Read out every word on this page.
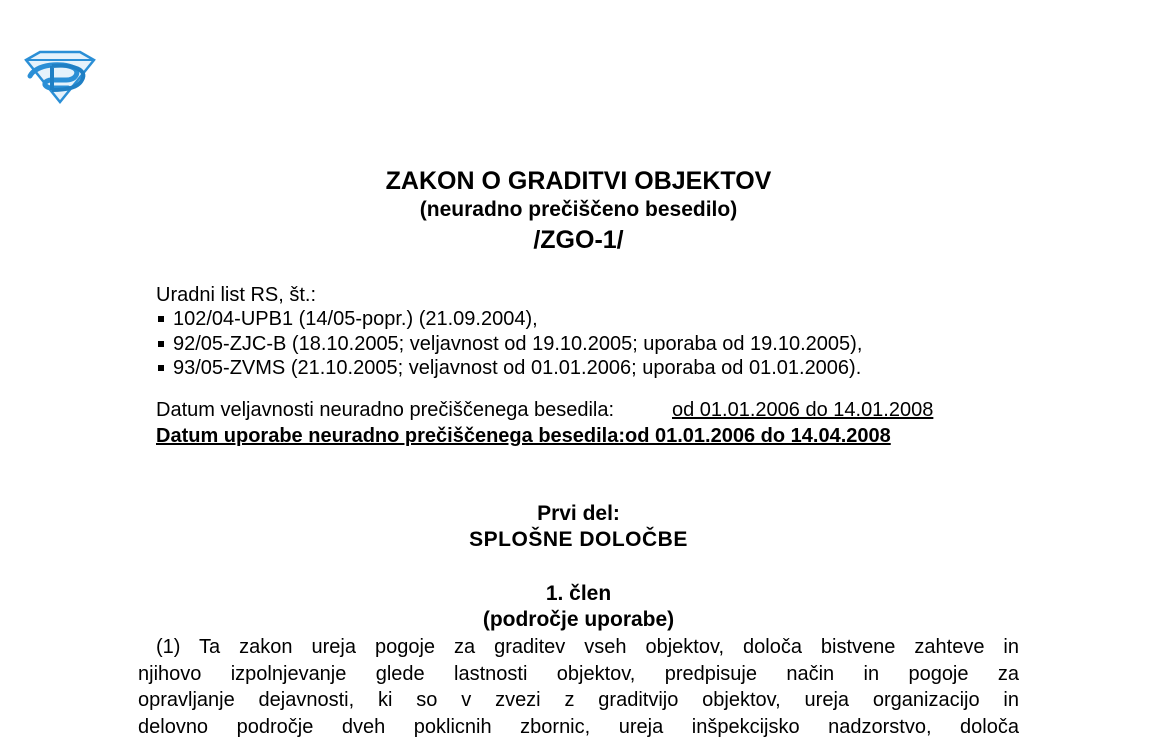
ZAKON O GRADITVI OBJEKTOV
(neuradno prečiščeno besedilo)
/ZGO-1/
Uradni list RS, št.:
102/04-UPB1 (14/05-popr.) (21.09.2004),
92/05-ZJC-B (18.10.2005; veljavnost od 19.10.2005; uporaba od 19.10.2005),
93/05-ZVMS (21.10.2005; veljavnost od 01.01.2006; uporaba od 01.01.2006).
Datum veljavnosti neuradno prečiščenega besedila:	od 01.01.2006 do 14.01.2008
Datum uporabe neuradno prečiščenega besedila:od 01.01.2006 do 14.04.2008
Prvi del:
SPLOŠNE DOLOČBE
1. člen
(področje uporabe)
(1) Ta zakon ureja pogoje za graditev vseh objektov, določa bistvene zahteve in
njihovo izpolnjevanje glede lastnosti objektov, predpisuje način in pogoje za
opravljanje dejavnosti, ki so v zvezi z graditvijo objektov, ureja organizacijo in
delovno področje dveh poklicnih zbornic, ureja inšpekcijsko nadzorstvo, določa
